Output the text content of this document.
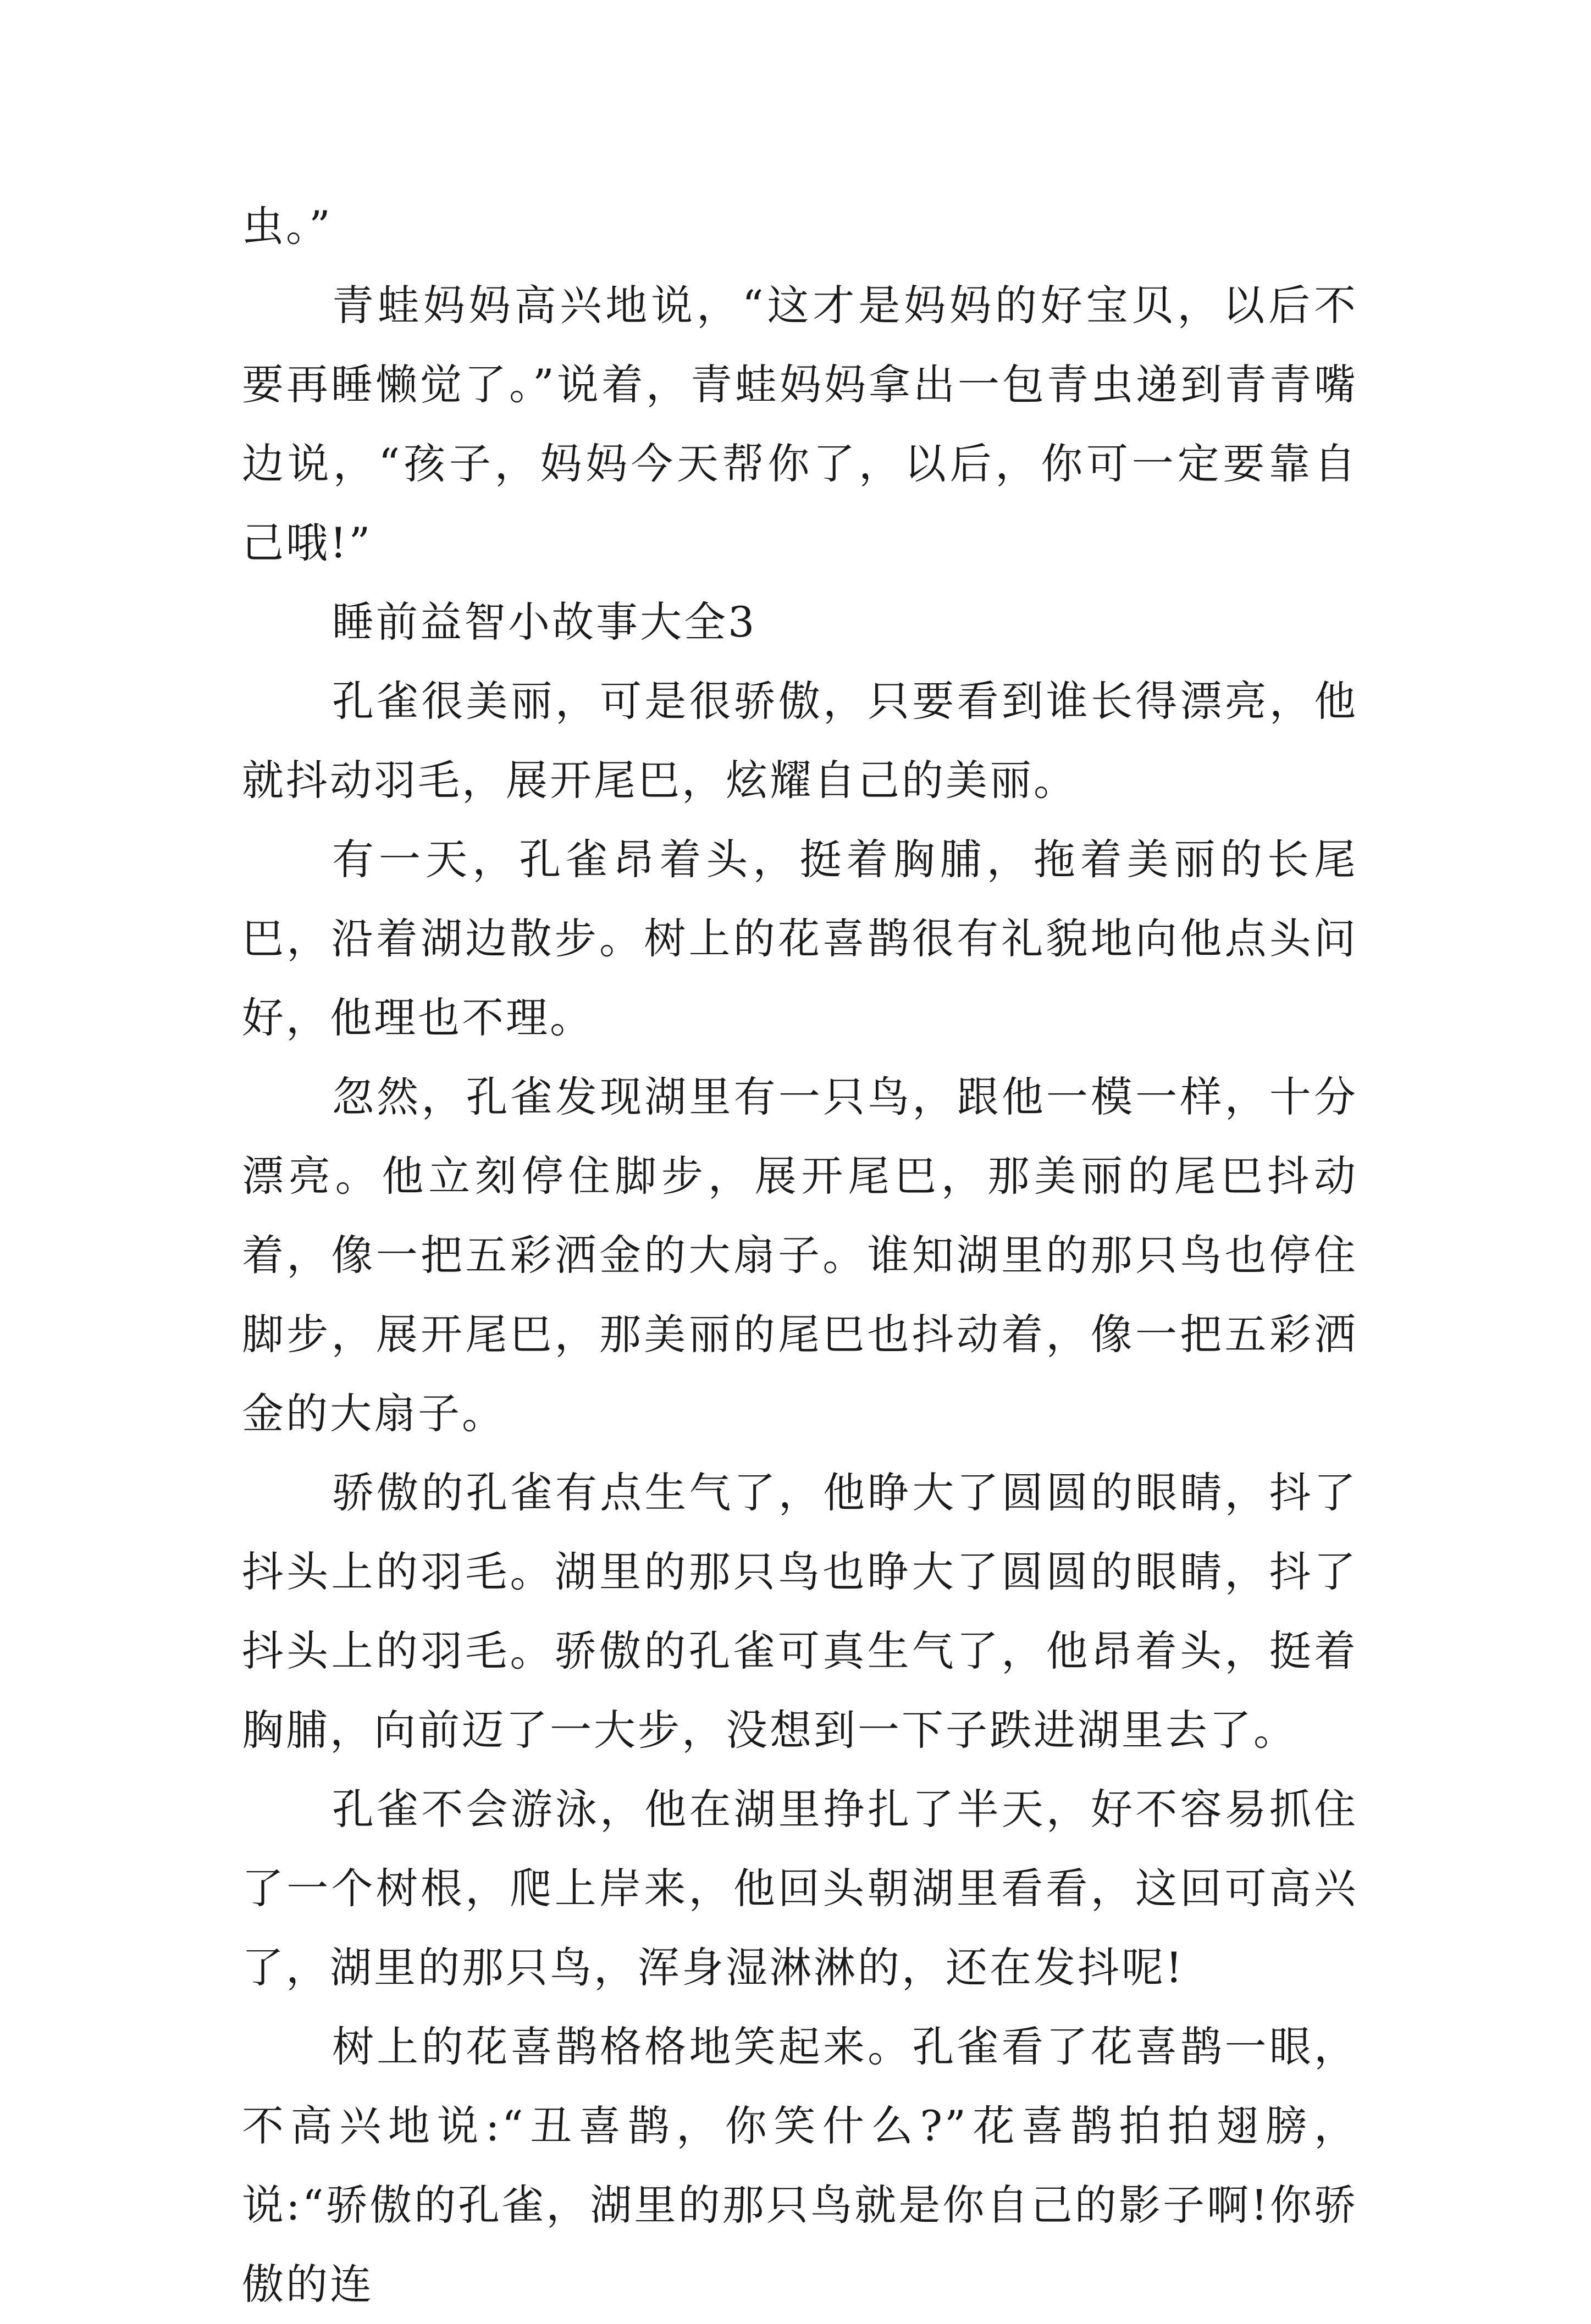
虫。”

青蛙妈妈高兴地说，“这才是妈妈的好宝贝，以后不要再睡懒觉了。”说着，青蛙妈妈拿出一包青虫递到青青嘴边说，“孩子，妈妈今天帮你了，以后，你可一定要靠自己哦!”

睡前益智小故事大全3

孔雀很美丽，可是很骄傲，只要看到谁长得漂亮，他就抖动羽毛，展开尾巴，炫耀自己的美丽。

有一天，孔雀昂着头，挺着胸脯，拖着美丽的长尾巴，沿着湖边散步。树上的花喜鹊很有礼貌地向他点头问好，他理也不理。

忽然，孔雀发现湖里有一只鸟，跟他一模一样，十分漂亮。他立刻停住脚步，展开尾巴，那美丽的尾巴抖动着，像一把五彩洒金的大扇子。谁知湖里的那只鸟也停住脚步，展开尾巴，那美丽的尾巴也抖动着，像一把五彩洒金的大扇子。

骄傲的孔雀有点生气了，他睁大了圆圆的眼睛，抖了抖头上的羽毛。湖里的那只鸟也睁大了圆圆的眼睛，抖了抖头上的羽毛。骄傲的孔雀可真生气了，他昂着头，挺着胸脯，向前迈了一大步，没想到一下子跌进湖里去了。

孔雀不会游泳，他在湖里挣扎了半天，好不容易抓住了一个树根，爬上岸来，他回头朝湖里看看，这回可高兴了，湖里的那只鸟，浑身湿淋淋的，还在发抖呢!

树上的花喜鹊格格地笑起来。孔雀看了花喜鹊一眼，不高兴地说:“丑喜鹊，你笑什么?”花喜鹊拍拍翅膀，说:“骄傲的孔雀，湖里的那只鸟就是你自己的影子啊!你骄傲的连
